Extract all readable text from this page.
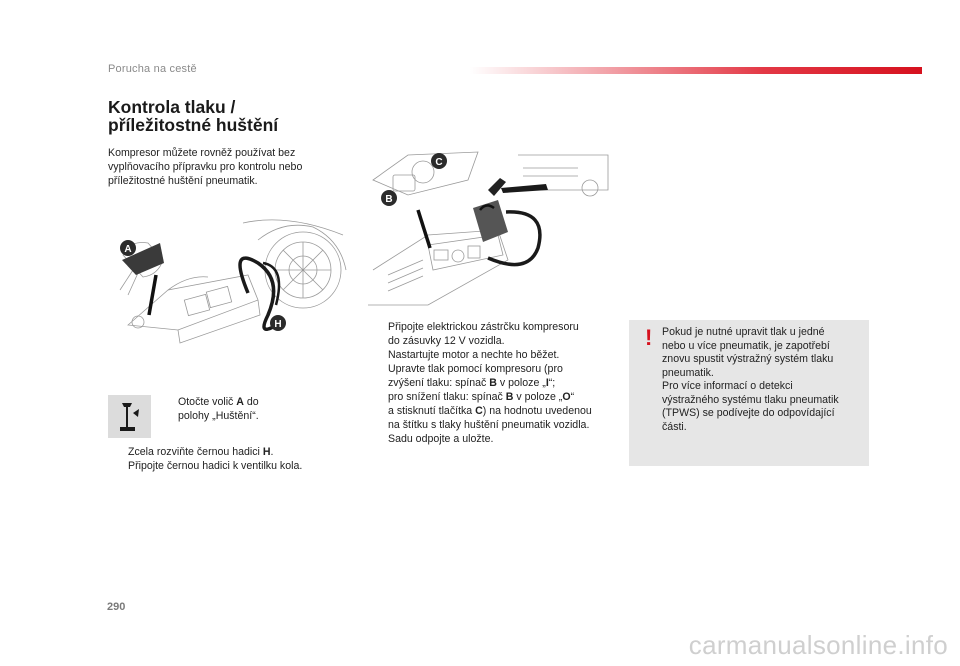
Porucha na cestě
Kontrola tlaku /
příležitostné huštění
Kompresor můžete rovněž používat bez
vyplňovacího přípravku pro kontrolu nebo
příležitostné huštění pneumatik.
A
H
B
C
Otočte volič A do
polohy „Huštění“.
Zcela rozviňte černou hadici H.
Připojte černou hadici k ventilku kola.
Připojte elektrickou zástrčku kompresoru
do zásuvky 12 V vozidla.
Nastartujte motor a nechte ho běžet.
Upravte tlak pomocí kompresoru (pro
zvýšení tlaku: spínač B v poloze „I“;
pro snížení tlaku: spínač B v poloze „O“
a stisknutí tlačítka C) na hodnotu uvedenou
na štítku s tlaky huštění pneumatik vozidla.
Sadu odpojte a uložte.
! Pokud je nutné upravit tlak u jedné
nebo u více pneumatik, je zapotřebí
znovu spustit výstražný systém tlaku
pneumatik.
Pro více informací o detekci
výstražného systému tlaku pneumatik
(TPWS) se podívejte do odpovídající
části.
290
carmanualsonline.info
